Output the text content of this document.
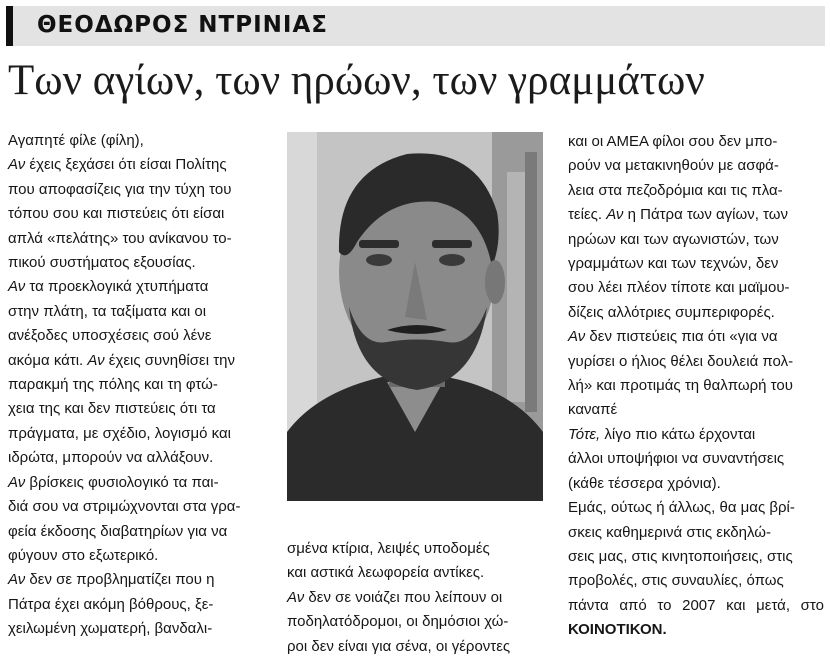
ΘΕΟΔΩΡΟΣ ΝΤΡΙΝΙΑΣ
Των αγίων, των ηρώων, των γραμμάτων

Αγαπητέ φίλε (φίλη),

Αν έχεις ξεχάσει ότι είσαι Πολίτης

που αποφασίζεις για την τύχη του

τόπου σου και πιστεύεις ότι είσαι

απλά «πελάτης» του ανίκανου το-

πικού συστήματος εξουσίας.

Αν τα προεκλογικά χτυπήματα

στην πλάτη, τα ταξίματα και οι

ανέξοδες υποσχέσεις σού λένε

ακόμα κάτι. Αν έχεις συνηθίσει την

παρακμή της πόλης και τη φτώ-

χεια της και δεν πιστεύεις ότι τα

πράγματα, με σχέδιο, λογισμό και

ιδρώτα, μπορούν να αλλάξουν.

Αν βρίσκεις φυσιολογικό τα παι-

διά σου να στριμώχνονται στα γρα-

φεία έκδοσης διαβατηρίων για να

φύγουν στο εξωτερικό.

Αν δεν σε προβληματίζει που η

Πάτρα έχει ακόμη βόθρους, ξε-

χειλωμένη χωματερή, βανδαλι-

σμένα κτίρια, λειψές υποδομές

και αστικά λεωφορεία αντίκες.

Αν δεν σε νοιάζει που λείπουν οι

ποδηλατόδρομοι, οι δημόσιοι χώ-

ροι δεν είναι για σένα, οι γέροντες

και οι ΑΜΕΑ φίλοι σου δεν μπο-

ρούν να μετακινηθούν με ασφά-

λεια στα πεζοδρόμια και τις πλα-

τείες. Αν η Πάτρα των αγίων, των

ηρώων και των αγωνιστών, των

γραμμάτων και των τεχνών, δεν

σου λέει πλέον τίποτε και μαϊμου-

δίζεις αλλότριες συμπεριφορές.

Αν δεν πιστεύεις πια ότι «για να

γυρίσει ο ήλιος θέλει δουλειά πολ-

λή» και προτιμάς τη θαλπωρή του

καναπέ

Τότε, λίγο πιο κάτω έρχονται

άλλοι υποψήφιοι να συναντήσεις

(κάθε τέσσερα χρόνια).

Εμάς, ούτως ή άλλως, θα μας βρί-

σκεις καθημερινά στις εκδηλώ-

σεις μας, στις κινητοποιήσεις, στις

προβολές, στις συναυλίες, όπως

πάντα από το 2007 και μετά, στο ΚΟΙΝΟΤΙΚΟΝ.
